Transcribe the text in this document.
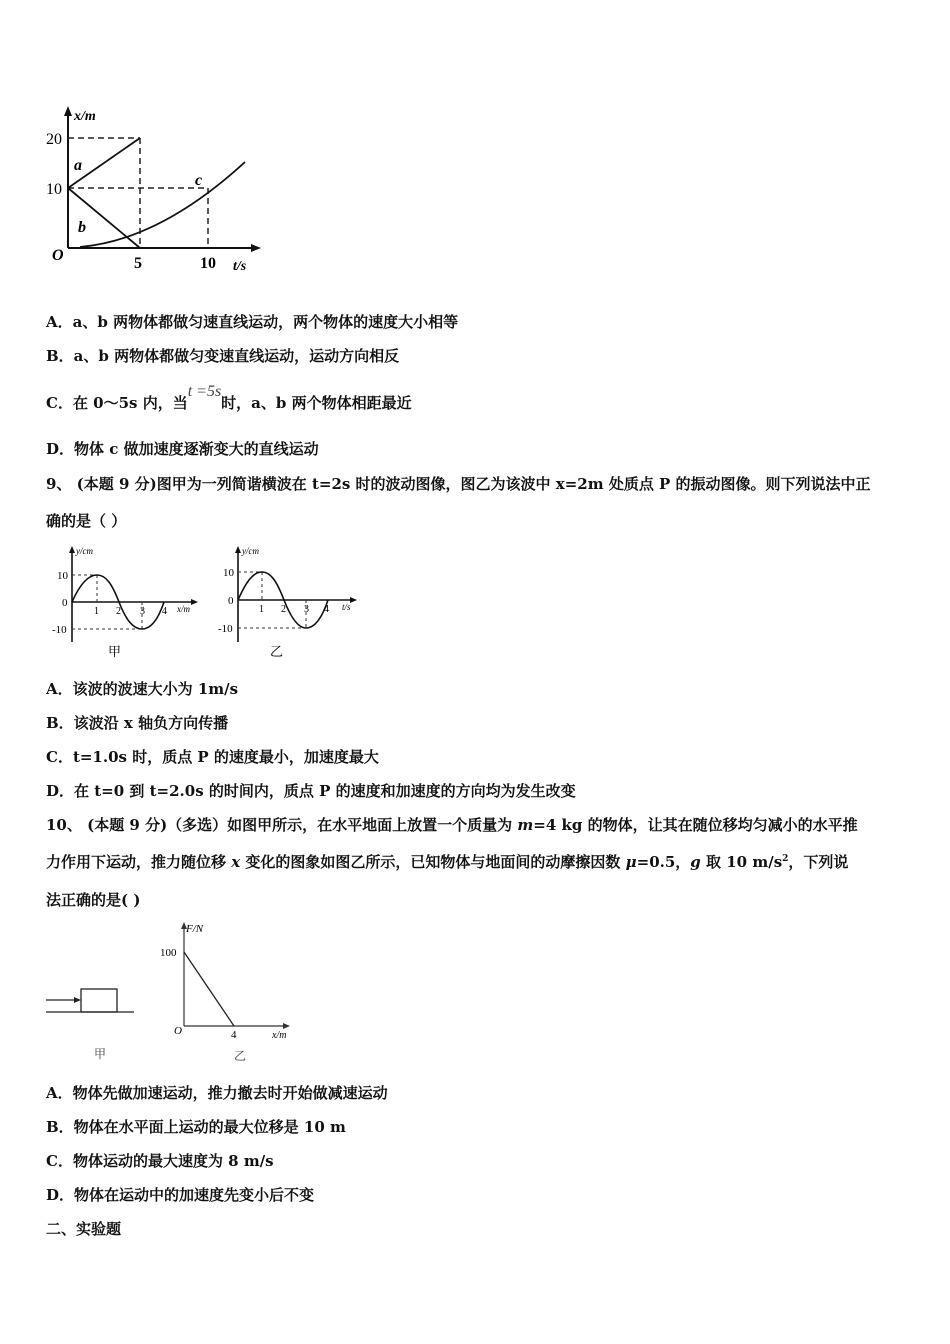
x/m
t/s
20
10
5	10
O
a
b
c
A．a、b 两物体都做匀速直线运动，两个物体的速度大小相等
B．a、b 两物体都做匀变速直线运动，运动方向相反
C．在 0～5s 内，当t =5s时，a、b 两个物体相距最近
D．物体 c 做加速度逐渐变大的直线运动
9、 (本题 9 分)图甲为一列简谐横波在 t=2s 时的波动图像，图乙为该波中 x=2m 处质点 P 的振动图像。则下列说法中正
确的是（ ）
y/cm
x/m
10
0
-10
1 2 3 4
甲
y/cm
t/s
10
0
-10
1 2 3 4
乙
A．该波的波速大小为 1m/s
B．该波沿 x 轴负方向传播
C．t=1.0s 时，质点 P 的速度最小，加速度最大
D．在 t=0 到 t=2.0s 的时间内，质点 P 的速度和加速度的方向均为发生改变
10、 (本题 9 分)（多选）如图甲所示，在水平地面上放置一个质量为 m=4 kg 的物体，让其在随位移均匀减小的水平推
力作用下运动，推力随位移 x 变化的图象如图乙所示，已知物体与地面间的动摩擦因数 μ=0.5，g 取 10 $m/s^2$，下列说
法正确的是( )
甲
F/N
x/m
100
4
O
乙
A．物体先做加速运动，推力撤去时开始做减速运动
B．物体在水平面上运动的最大位移是 10 m
C．物体运动的最大速度为 8 m/s
D．物体在运动中的加速度先变小后不变
二、实验题
